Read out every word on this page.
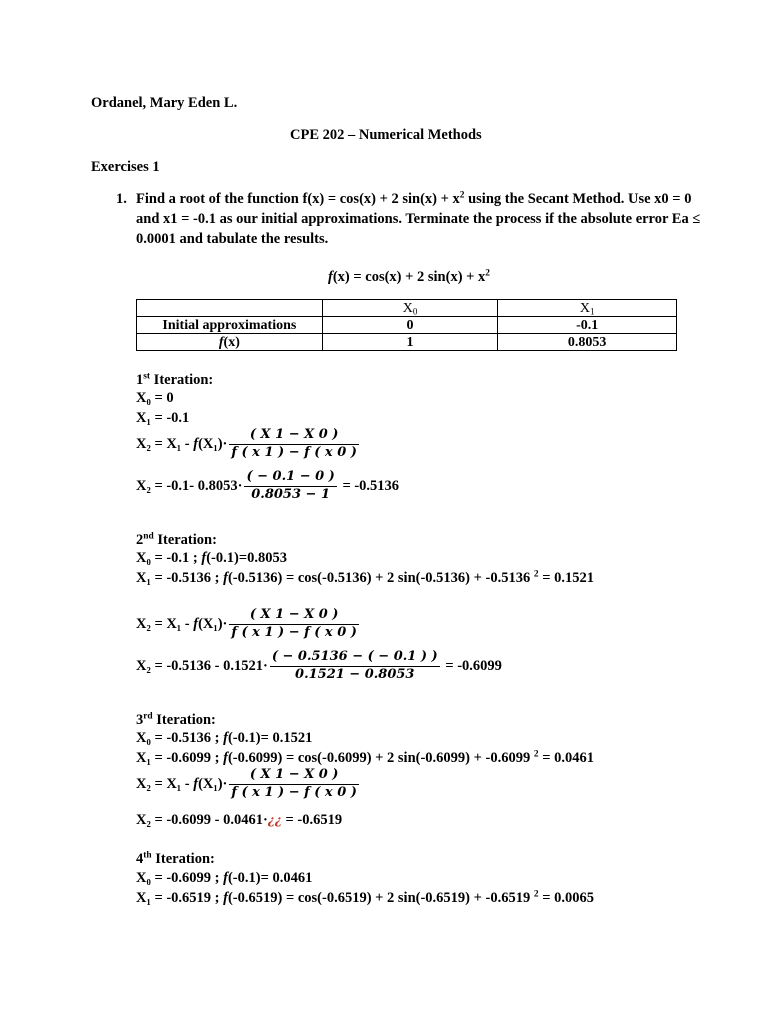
Ordanel, Mary Eden L.
CPE 202 – Numerical Methods
Exercises 1
1. Find a root of the function f(x) = cos(x) + 2 $\sin(x) + x^2$ using the Secant Method. Use x0 = 0
and x1 = -0.1 as our initial approximations. Terminate the process if the absolute error Ea ≤
0.0001 and tabulate the results.
f(x) = cos(x) + 2 $\sin(x) + x^2$
	$X_0$	$X_1$
Initial approximations	0	-0.1
f(x)	1	0.8053
1st Iteration:
X₀ = 0
X₁ = -0.1
$X_2 = X_1 - f(X_1)\cdot \frac{( X 1 - X 0 )}{f ( x 1 ) - f ( x 0 )}$
X₂ = -0.1- $0.8053\cdot \frac{( - 0.1 - 0 )}{0.8053 - 1} = -0.5136$
2nd Iteration:
X₀ = -0.1 ; f(-0.1)=0.8053
X₁ = -0.5136 ; f(-0.5136) = cos(-0.5136) + 2 sin(-0.5136) + -0.5136 $^2$ = 0.1521
$X_2 = X_1 - f(X_1)\cdot \frac{( X 1 - X 0 )}{f ( x 1 ) - f ( x 0 )}$
$X_2 = -0.5136 - 0.1521\cdot \frac{( - 0.5136 - ( - 0.1 ) )}{0.1521 - 0.8053} = -0.6099$
3rd Iteration:
X₀ = -0.5136 ; f(-0.1)= 0.1521
X₁ = -0.6099 ; f(-0.6099) = cos(-0.6099) + 2 sin(-0.6099) + -0.6099 $^2$ = 0.0461
$X_2 = X_1 - f(X_1)\cdot \frac{( X 1 - X 0 )}{f ( x 1 ) - f ( x 0 )}$
X₂ = -0.6099 - 0.0461·¿¿ = -0.6519
4th Iteration:
X₀ = -0.6099 ; f(-0.1)= 0.0461
X₁ = -0.6519 ; f(-0.6519) = cos(-0.6519) + 2 sin(-0.6519) + -0.6519 $^2$ = 0.0065
